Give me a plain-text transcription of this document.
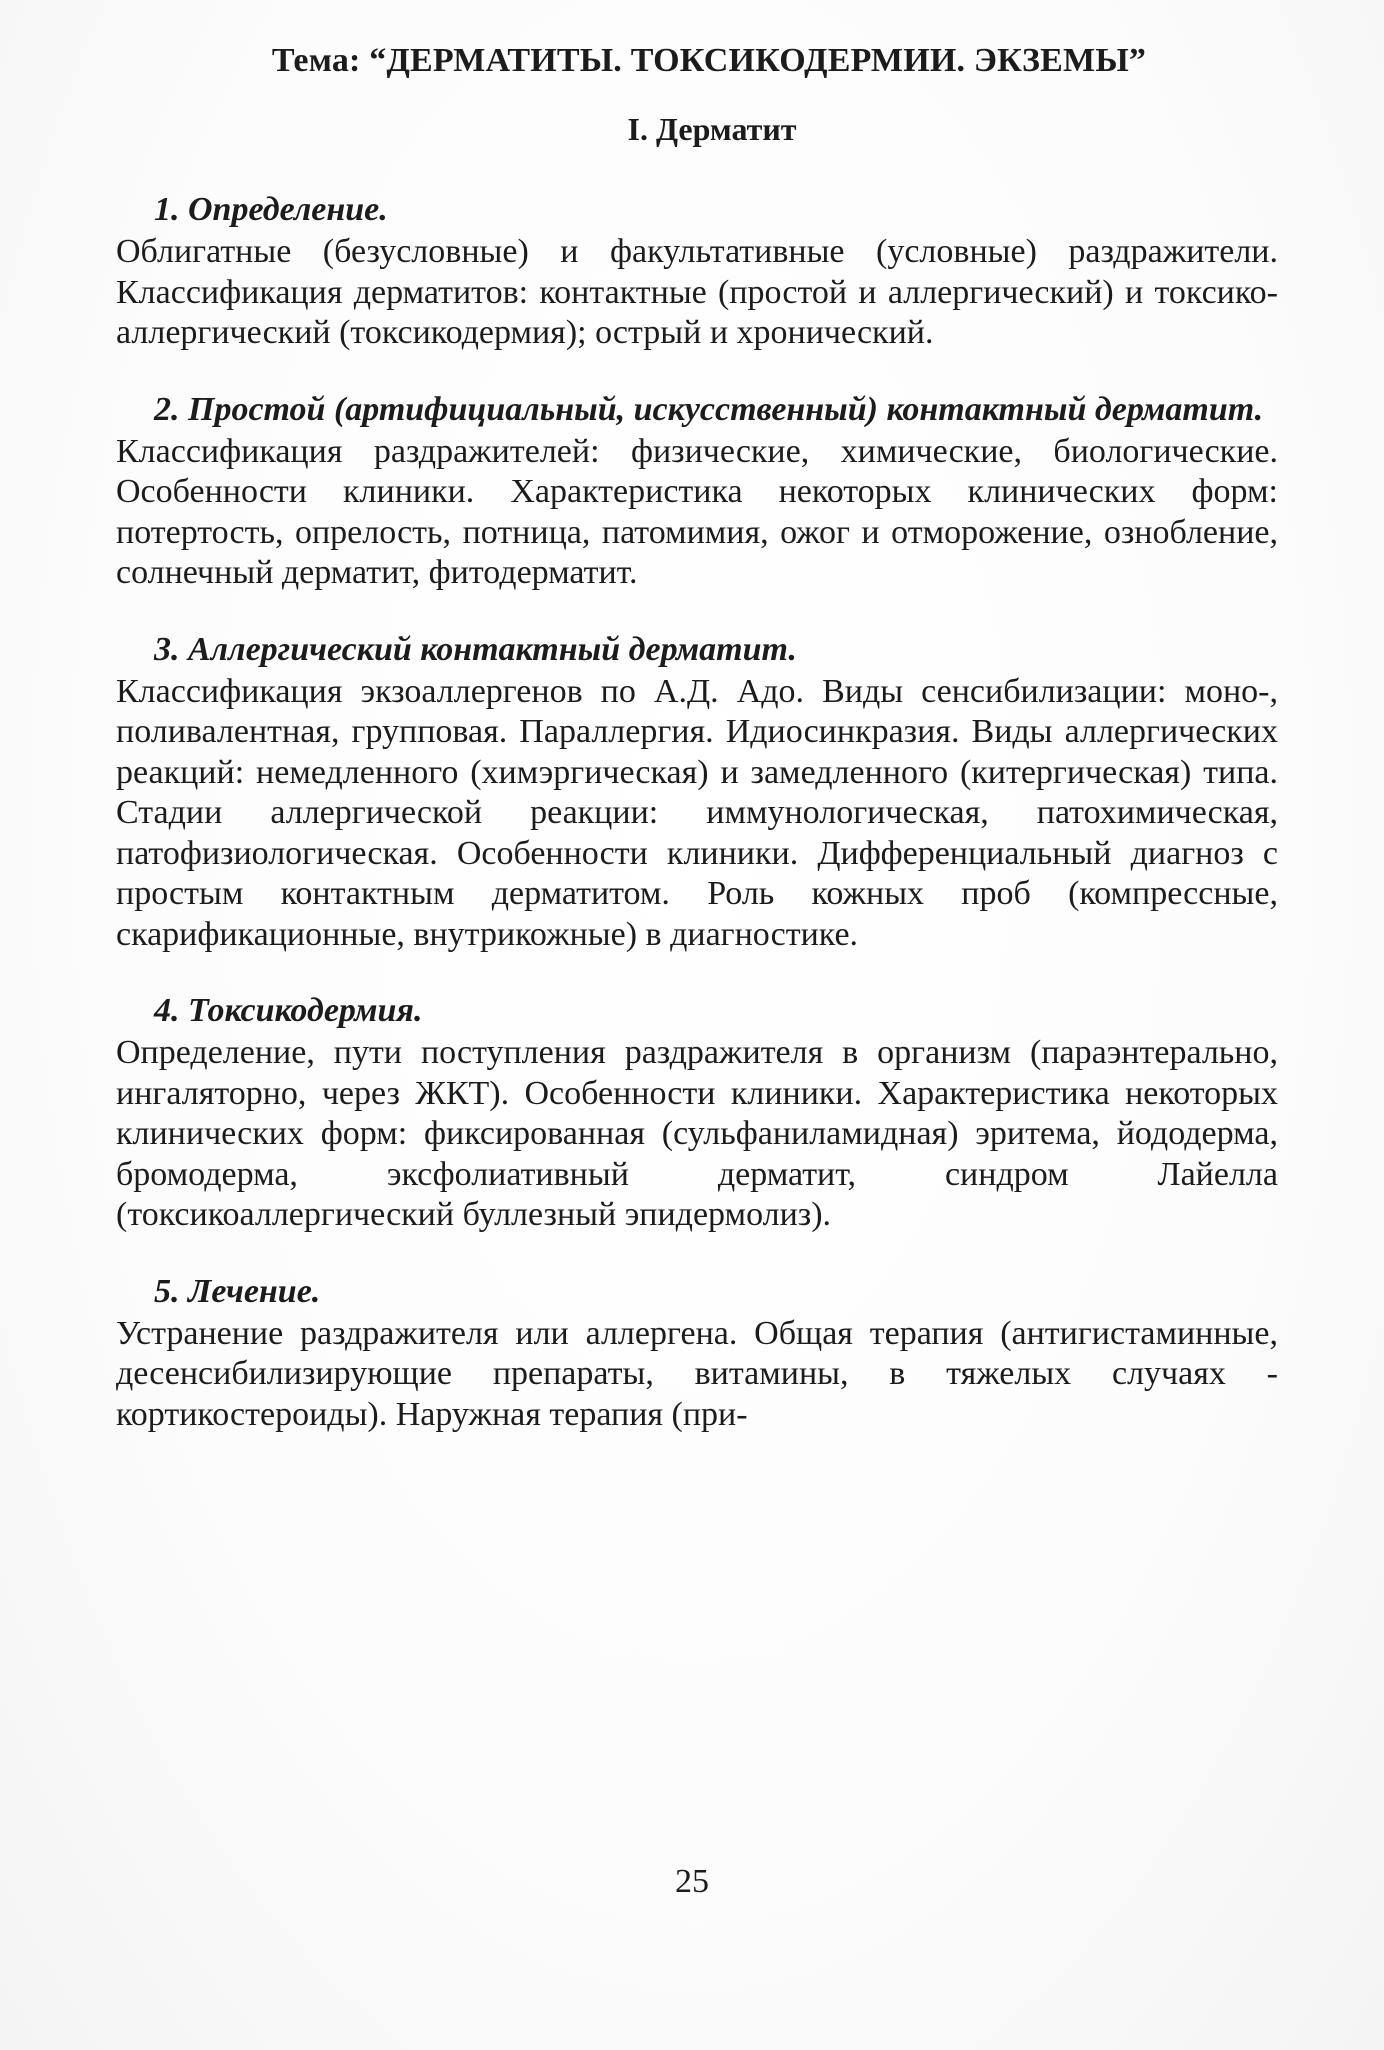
Тема: “ДЕРМАТИТЫ. ТОКСИКОДЕРМИИ. ЭКЗЕМЫ”
I. Дерматит

1. Определение.

Облигатные (безусловные) и факультативные (условные) раздражители. Классификация дерматитов: контактные (простой и аллергический) и токсико-аллергический (токсикодермия); острый и хронический.

2. Простой (артифициальный, искусственный) контактный дерматит.

Классификация раздражителей: физические, химические, биологические. Особенности клиники. Характеристика некоторых клинических форм: потертость, опрелость, потница, патомимия, ожог и отморожение, ознобление, солнечный дерматит, фитодерматит.

3. Аллергический контактный дерматит.

Классификация экзоаллергенов по А.Д. Адо. Виды сенсибилизации: моно-, поливалентная, групповая. Параллергия. Идиосинкразия. Виды аллергических реакций: немедленного (химэргическая) и замедленного (китергическая) типа. Стадии аллергической реакции: иммунологическая, патохимическая, патофизиологическая. Особенности клиники. Дифференциальный диагноз с простым контактным дерматитом. Роль кожных проб (компрессные, скарификационные, внутрикожные) в диагностике.

4. Токсикодермия.

Определение, пути поступления раздражителя в организм (параэнтерально, ингаляторно, через ЖКТ). Особенности клиники. Характеристика некоторых клинических форм: фиксированная (сульфаниламидная) эритема, йододерма, бромодерма, эксфолиативный дерматит, синдром Лайелла (токсикоаллергический буллезный эпидермолиз).

5. Лечение.

Устранение раздражителя или аллергена. Общая терапия (антигистаминные, десенсибилизирующие препараты, витамины, в тяжелых случаях - кортикостероиды). Наружная терапия (при-

25
